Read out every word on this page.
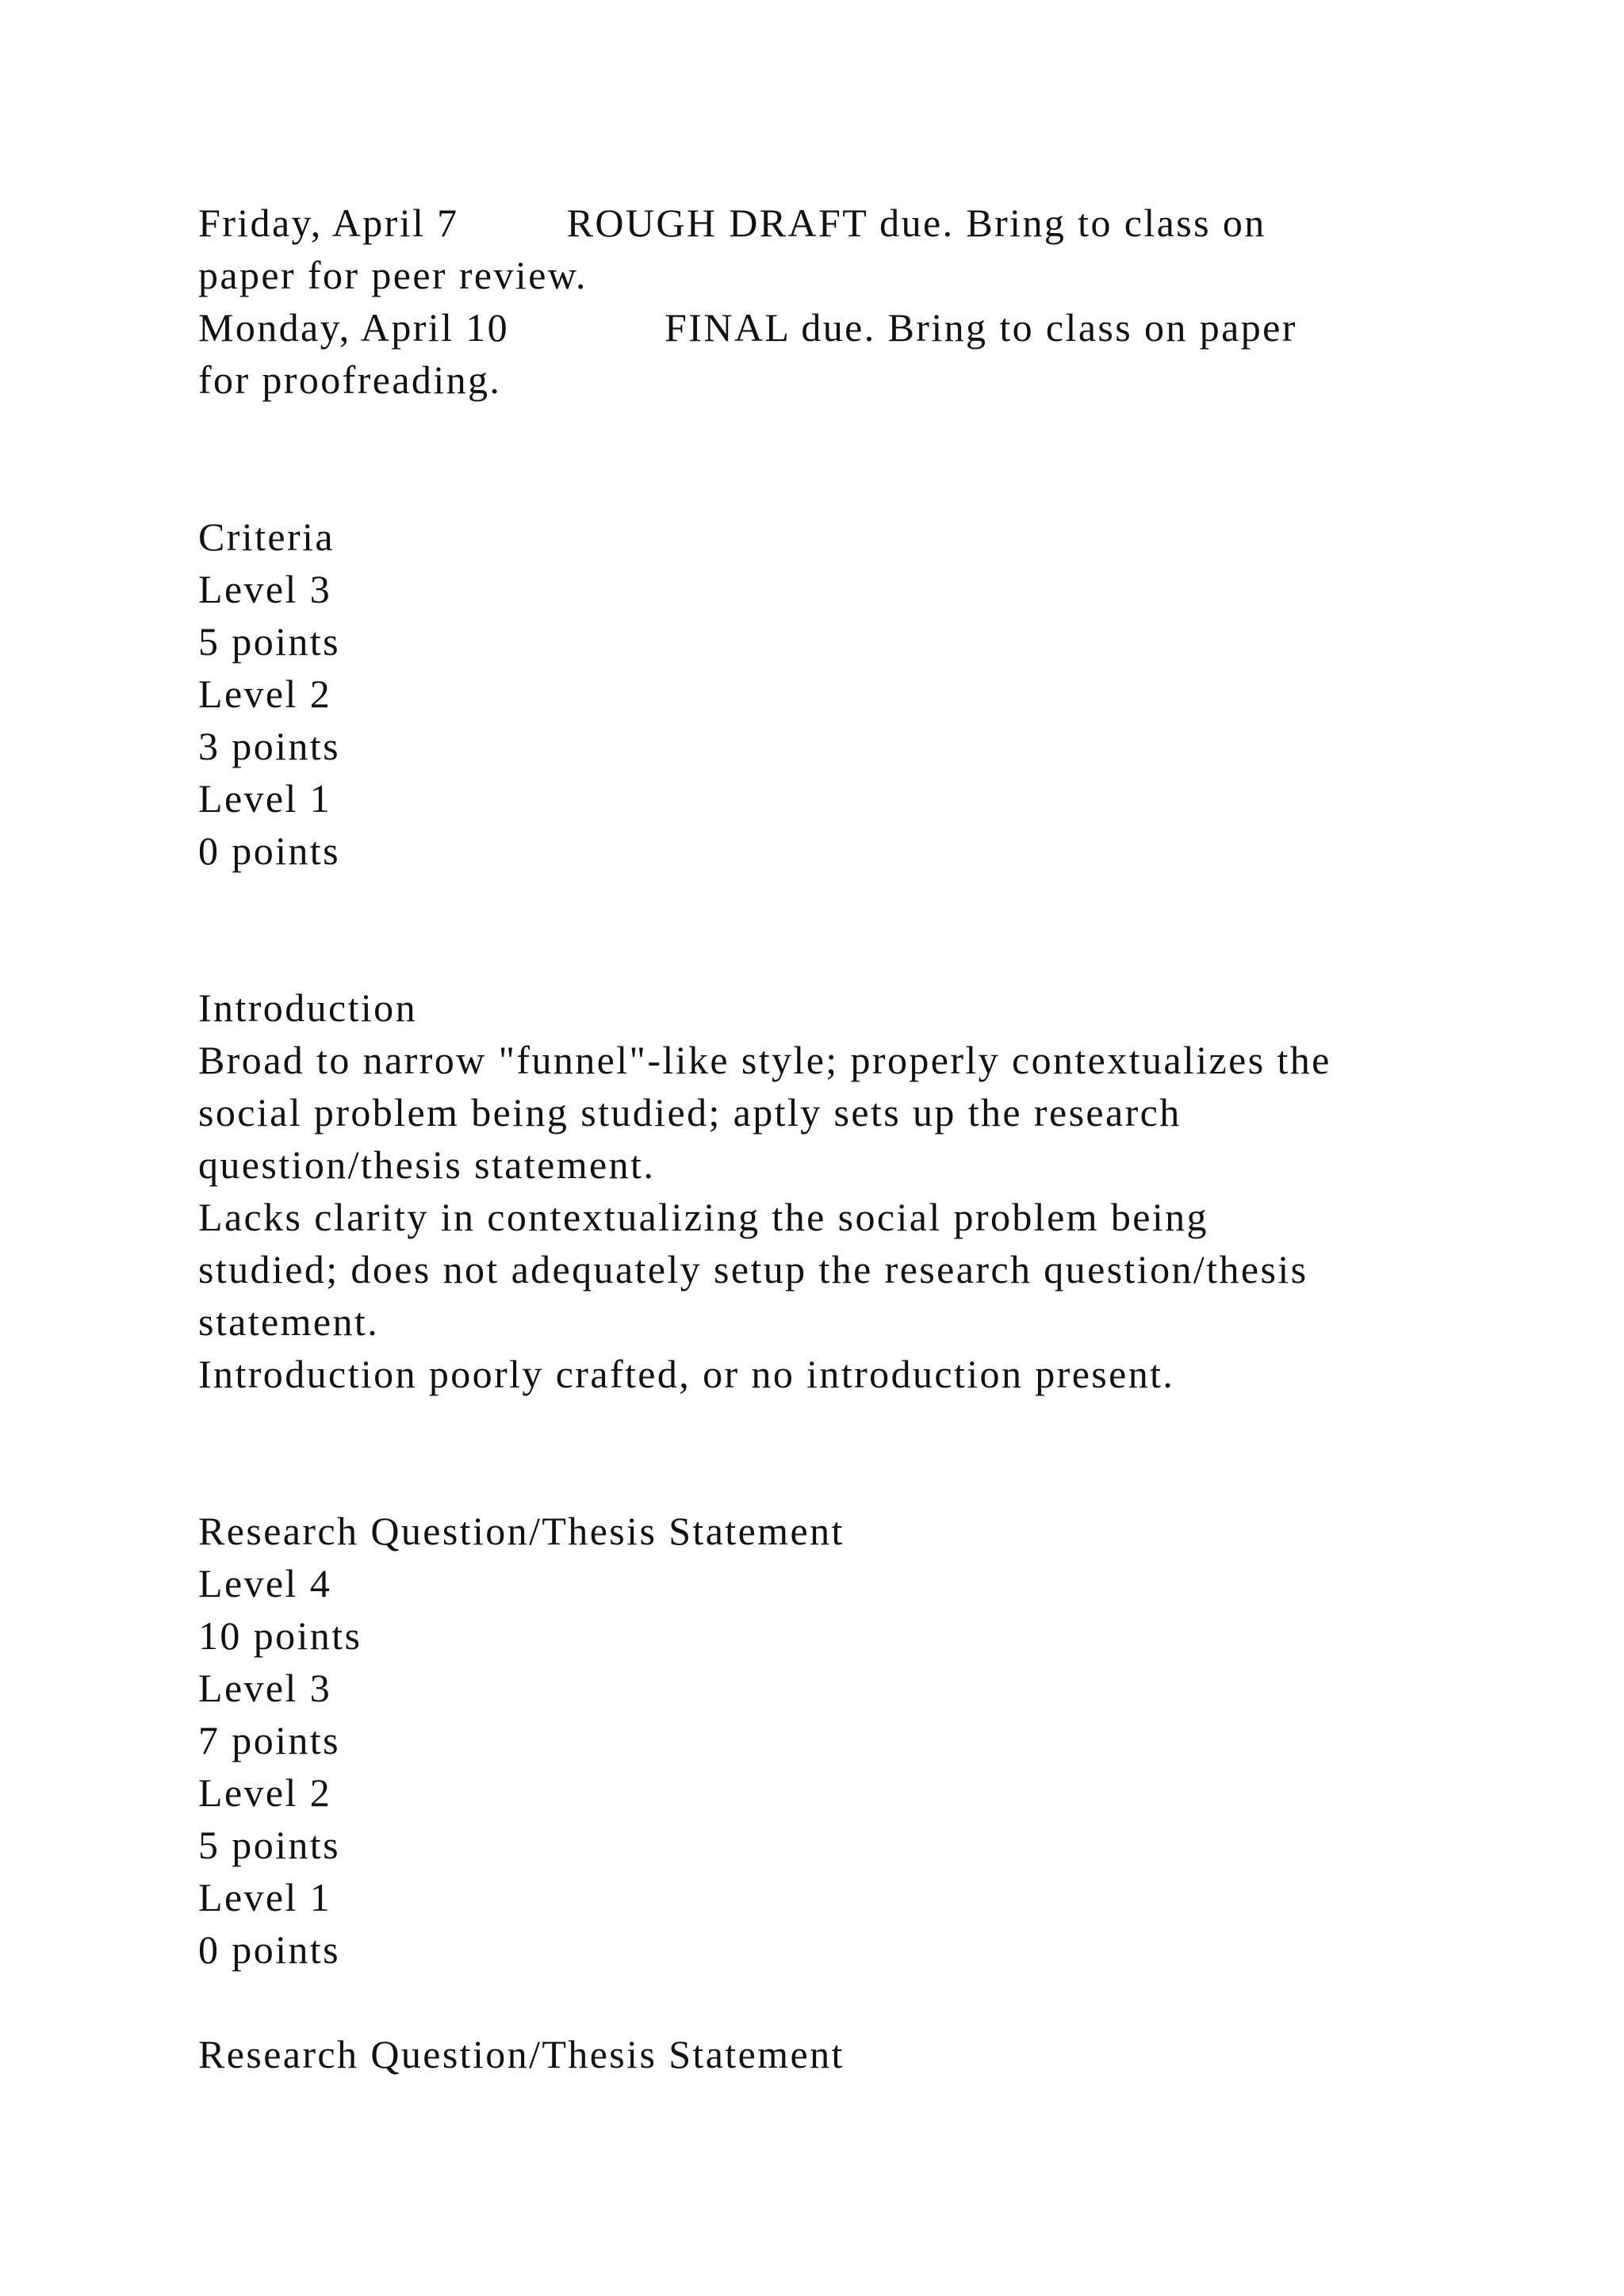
Friday, April 7	ROUGH DRAFT due. Bring to class on
paper for peer review.
Monday, April 10	FINAL due. Bring to class on paper
for proofreading.
Criteria
Level 3
5 points
Level 2
3 points
Level 1
0 points
Introduction
Broad to narrow "funnel"-like style; properly contextualizes the
social problem being studied; aptly sets up the research
question/thesis statement.
Lacks clarity in contextualizing the social problem being
studied; does not adequately setup the research question/thesis
statement.
Introduction poorly crafted, or no introduction present.
Research Question/Thesis Statement
Level 4
10 points
Level 3
7 points
Level 2
5 points
Level 1
0 points
Research Question/Thesis Statement
